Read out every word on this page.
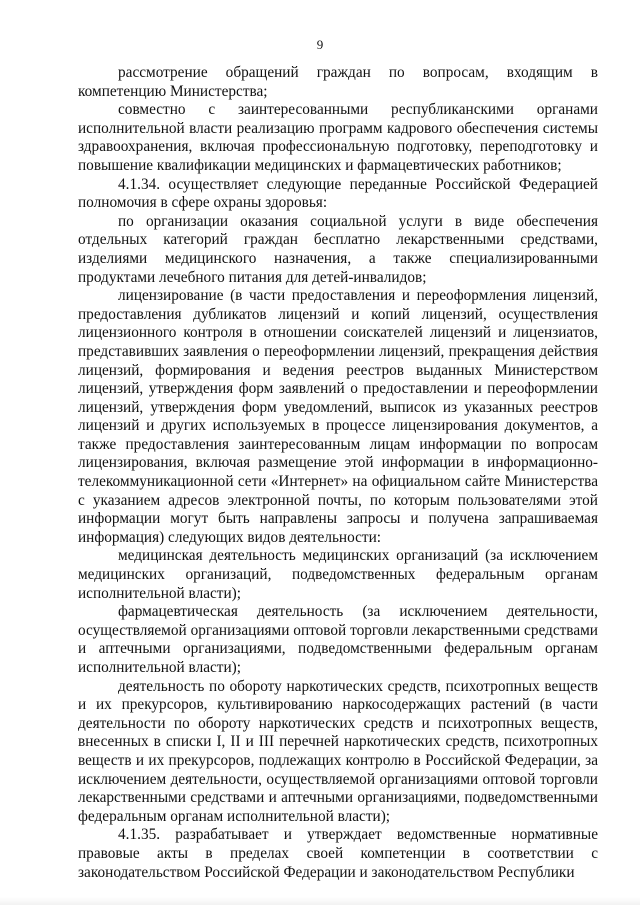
9

рассмотрение обращений граждан по вопросам, входящим в компетенцию Министерства;

совместно с заинтересованными республиканскими органами исполнительной власти реализацию программ кадрового обеспечения системы здравоохранения, включая профессиональную подготовку, переподготовку и повышение квалификации медицинских и фармацевтических работников;

4.1.34. осуществляет следующие переданные Российской Федерацией полномочия в сфере охраны здоровья:

по организации оказания социальной услуги в виде обеспечения отдельных категорий граждан бесплатно лекарственными средствами, изделиями медицинского назначения, а также специализированными продуктами лечебного питания для детей-инвалидов;

лицензирование (в части предоставления и переоформления лицензий, предоставления дубликатов лицензий и копий лицензий, осуществления лицензионного контроля в отношении соискателей лицензий и лицензиатов, представивших заявления о переоформлении лицензий, прекращения действия лицензий, формирования и ведения реестров выданных Министерством лицензий, утверждения форм заявлений о предоставлении и переоформлении лицензий, утверждения форм уведомлений, выписок из указанных реестров лицензий и других используемых в процессе лицензирования документов, а также предоставления заинтересованным лицам информации по вопросам лицензирования, включая размещение этой информации в информационно-телекоммуникационной сети «Интернет» на официальном сайте Министерства с указанием адресов электронной почты, по которым пользователями этой информации могут быть направлены запросы и получена запрашиваемая информация) следующих видов деятельности:

медицинская деятельность медицинских организаций (за исключением медицинских организаций, подведомственных федеральным органам исполнительной власти);

фармацевтическая деятельность (за исключением деятельности, осуществляемой организациями оптовой торговли лекарственными средствами и аптечными организациями, подведомственными федеральным органам исполнительной власти);

деятельность по обороту наркотических средств, психотропных веществ и их прекурсоров, культивированию наркосодержащих растений (в части деятельности по обороту наркотических средств и психотропных веществ, внесенных в списки I, II и III перечней наркотических средств, психотропных веществ и их прекурсоров, подлежащих контролю в Российской Федерации, за исключением деятельности, осуществляемой организациями оптовой торговли лекарственными средствами и аптечными организациями, подведомственными федеральным органам исполнительной власти);

4.1.35. разрабатывает и утверждает ведомственные нормативные правовые акты в пределах своей компетенции в соответствии с законодательством Российской Федерации и законодательством Республики
